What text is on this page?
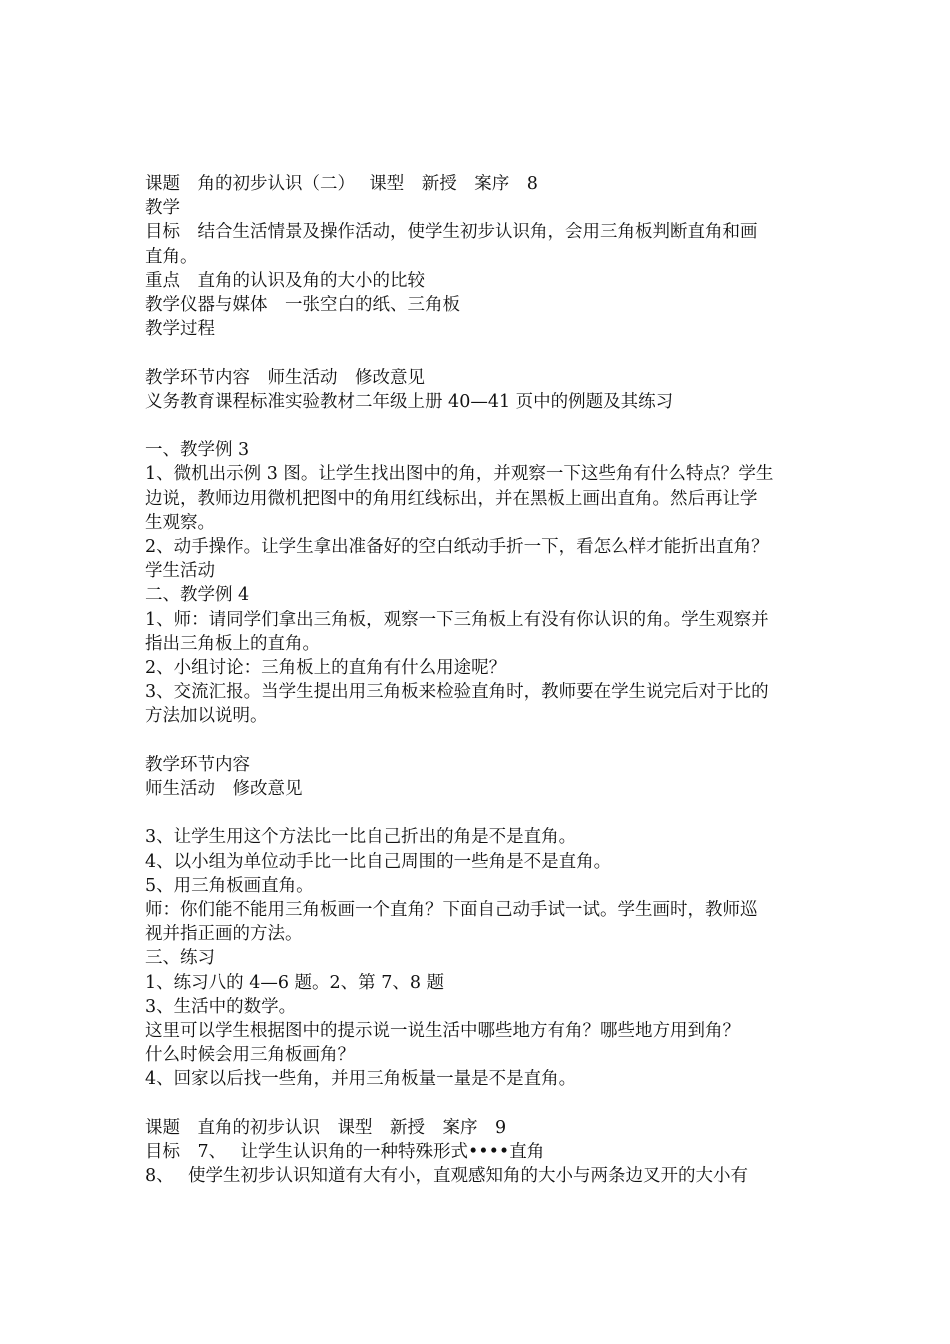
课题　角的初步认识（二）　 课型　新授　案序　8
教学
目标　结合生活情景及操作活动，使学生初步认识角，会用三角板判断直角和画
直角。
重点　直角的认识及角的大小的比较
教学仪器与媒体　一张空白的纸、三角板
教学过程
教学环节内容　师生活动　修改意见
义务教育课程标准实验教材二年级上册 40—41 页中的例题及其练习
一、教学例 3
1、微机出示例 3 图。让学生找出图中的角，并观察一下这些角有什么特点？学生
边说，教师边用微机把图中的角用红线标出，并在黑板上画出直角。然后再让学
生观察。
2、动手操作。让学生拿出准备好的空白纸动手折一下，看怎么样才能折出直角？
学生活动
二、教学例 4
1、师：请同学们拿出三角板，观察一下三角板上有没有你认识的角。学生观察并
指出三角板上的直角。
2、小组讨论：三角板上的直角有什么用途呢？
3、交流汇报。当学生提出用三角板来检验直角时，教师要在学生说完后对于比的
方法加以说明。
教学环节内容
师生活动　修改意见
3、让学生用这个方法比一比自己折出的角是不是直角。
4、以小组为单位动手比一比自己周围的一些角是不是直角。
5、用三角板画直角。
师：你们能不能用三角板画一个直角？下面自己动手试一试。学生画时，教师巡
视并指正画的方法。
三、练习
1、练习八的 4—6 题。2、第 7、8 题
3、生活中的数学。
这里可以学生根据图中的提示说一说生活中哪些地方有角？哪些地方用到角？
什么时候会用三角板画角？
4、回家以后找一些角，并用三角板量一量是不是直角。
课题　直角的初步认识　课型　新授　案序　9
目标　7、　 让学生认识角的一种特殊形式••••直角
8、　 使学生初步认识知道有大有小，直观感知角的大小与两条边叉开的大小有
